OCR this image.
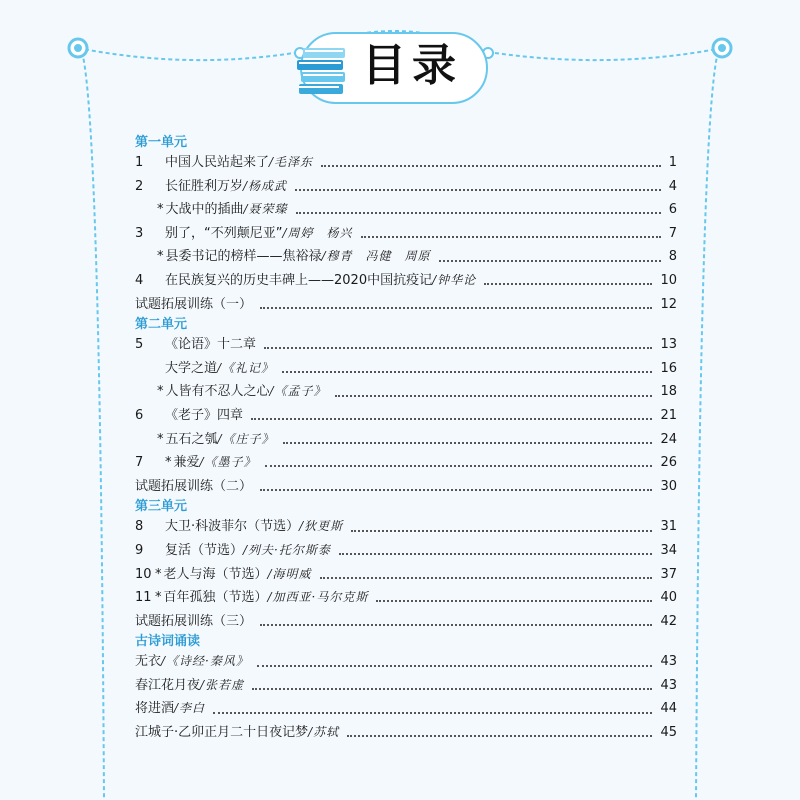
目录
第一单元
1	中国人民站起来了 /毛泽东	1
2	长征胜利万岁 /杨成武	4
* 大战中的插曲 /聂荣臻	6
3	别了，“不列颠尼亚” /周婷　杨兴	7
* 县委书记的榜样——焦裕禄 /穆青　冯健　周原	8
4	在民族复兴的历史丰碑上——2020中国抗疫记 /钟华论	10
试题拓展训练（一）	12
第二单元
5	《论语》十二章	13
大学之道 /《礼记》	16
* 人皆有不忍人之心 /《孟子》	18
6	《老子》四章	21
* 五石之瓠 /《庄子》	24
7	* 兼爱 /《墨子》	26
试题拓展训练（二）	30
第三单元
8	大卫·科波菲尔（节选） /狄更斯	31
9	复活（节选） /列夫·托尔斯泰	34
10 * 老人与海（节选） /海明威	37
11 * 百年孤独（节选） /加西亚·马尔克斯	40
试题拓展训练（三）	42
古诗词诵读
无衣 /《诗经·秦风》	43
春江花月夜 /张若虚	43
将进酒 /李白	44
江城子·乙卯正月二十日夜记梦 /苏轼	45
